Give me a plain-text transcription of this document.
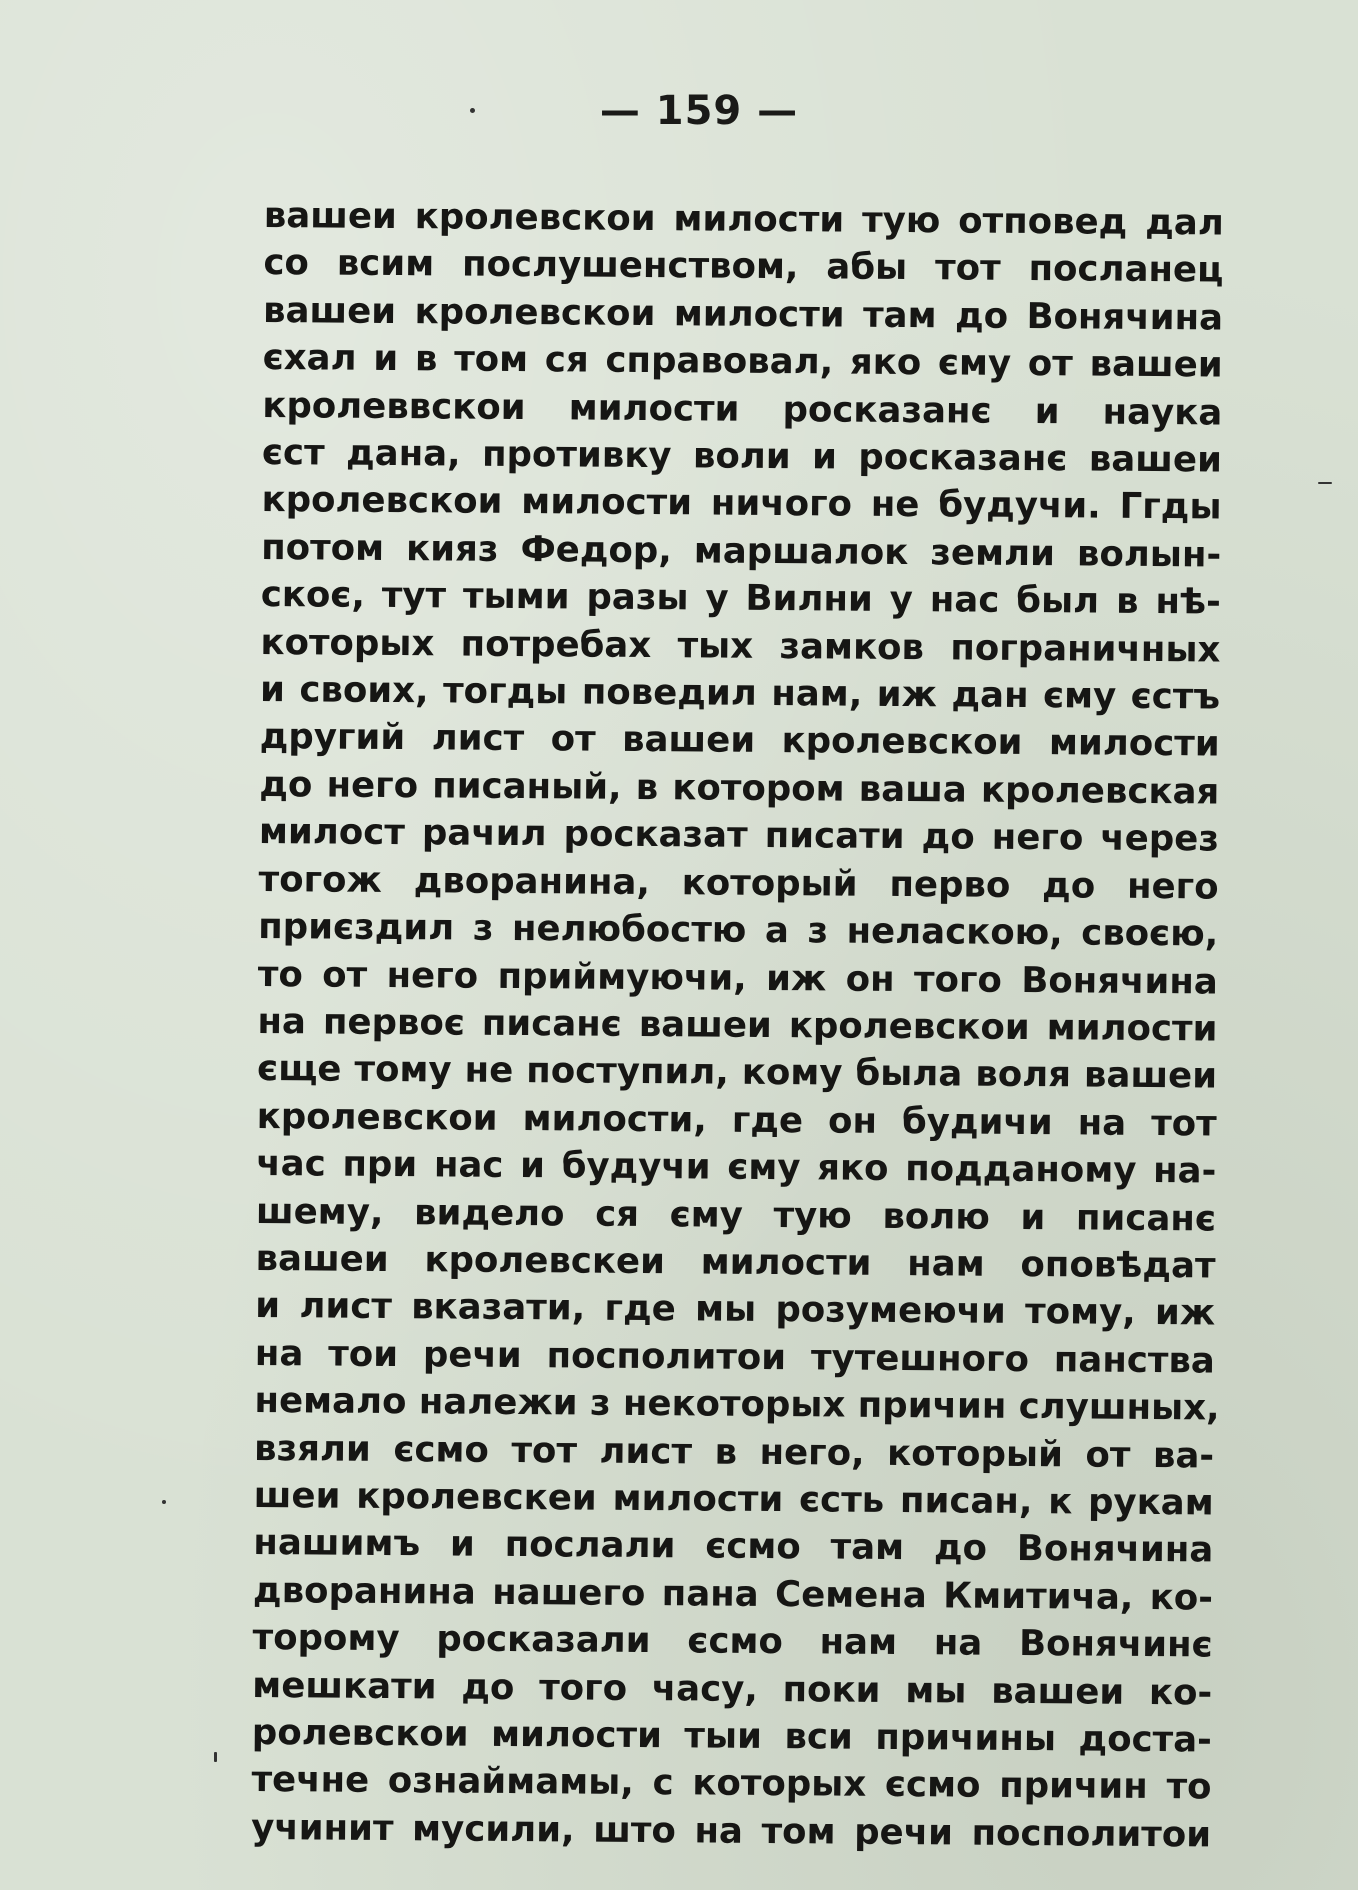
— 159 —
вашеи кролевскои милости тую отповед дал
со всим послушенством, абы тот посланец
вашеи кролевскои милости там до Вонячина
єхал и в том ся справовал, яко єму от вашеи
кролеввскои милости росказанє и наука
єст дана, противку воли и росказанє вашеи
кролевскои милости ничого не будучи. Ггды
потом кияз Федор, маршалок земли волын-
скоє, тут тыми разы у Вилни у нас был в нѣ-
которых потребах тых замков пограничных
и своих, тогды поведил нам, иж дан єму єстъ
другий лист от вашеи кролевскои милости
до него писаный, в котором ваша кролевская
милост рачил росказат писати до него через
тогож дворанина, который перво до него
приєздил з нелюбостю а з неласкою, своєю,
то от него приймуючи, иж он того Вонячина
на первоє писанє вашеи кролевскои милости
єще тому не поступил, кому была воля вашеи
кролевскои милости, где он будичи на тот
час при нас и будучи єму яко подданому на-
шему, видело ся єму тую волю и писанє
вашеи кролевскеи милости нам оповѣдат
и лист вказати, где мы розумеючи тому, иж
на тои речи посполитои тутешного панства
немало належи з некоторых причин слушных,
взяли єсмо тот лист в него, который от ва-
шеи кролевскеи милости єсть писан, к рукам
нашимъ и послали єсмо там до Вонячина
дворанина нашего пана Семена Кмитича, ко-
торому росказали єсмо нам на Вонячинє
мешкати до того часу, поки мы вашеи ко-
ролевскои милости тыи вси причины доста-
течне ознаймамы, с которых єсмо причин то
учинит мусили, што на том речи посполитои
